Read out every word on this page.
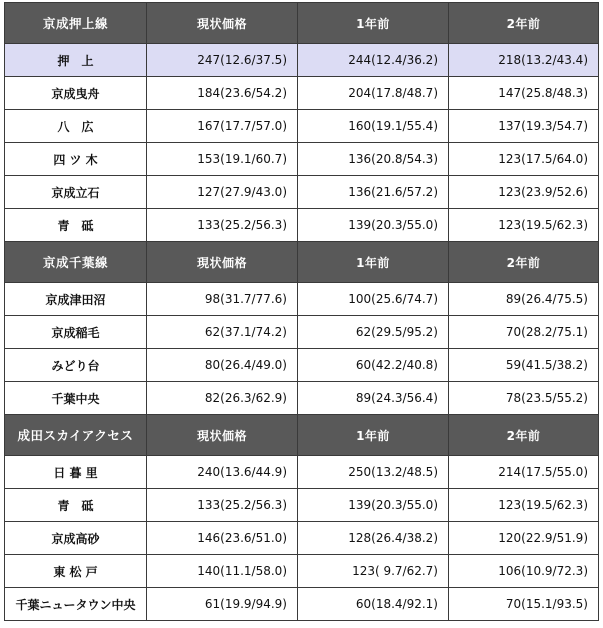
京成押上線	現状価格	1年前	2年前
押　上	247(12.6/37.5)	244(12.4/36.2)	218(13.2/43.4)
京成曳舟	184(23.6/54.2)	204(17.8/48.7)	147(25.8/48.3)
八　広	167(17.7/57.0)	160(19.1/55.4)	137(19.3/54.7)
四 ツ 木	153(19.1/60.7)	136(20.8/54.3)	123(17.5/64.0)
京成立石	127(27.9/43.0)	136(21.6/57.2)	123(23.9/52.6)
青　砥	133(25.2/56.3)	139(20.3/55.0)	123(19.5/62.3)
京成千葉線	現状価格	1年前	2年前
京成津田沼	98(31.7/77.6)	100(25.6/74.7)	89(26.4/75.5)
京成稲毛	62(37.1/74.2)	62(29.5/95.2)	70(28.2/75.1)
みどり台	80(26.4/49.0)	60(42.2/40.8)	59(41.5/38.2)
千葉中央	82(26.3/62.9)	89(24.3/56.4)	78(23.5/55.2)
成田スカイアクセス	現状価格	1年前	2年前
日 暮 里	240(13.6/44.9)	250(13.2/48.5)	214(17.5/55.0)
青　砥	133(25.2/56.3)	139(20.3/55.0)	123(19.5/62.3)
京成高砂	146(23.6/51.0)	128(26.4/38.2)	120(22.9/51.9)
東 松 戸	140(11.1/58.0)	123( 9.7/62.7)	106(10.9/72.3)
千葉ニュータウン中央	61(19.9/94.9)	60(18.4/92.1)	70(15.1/93.5)
